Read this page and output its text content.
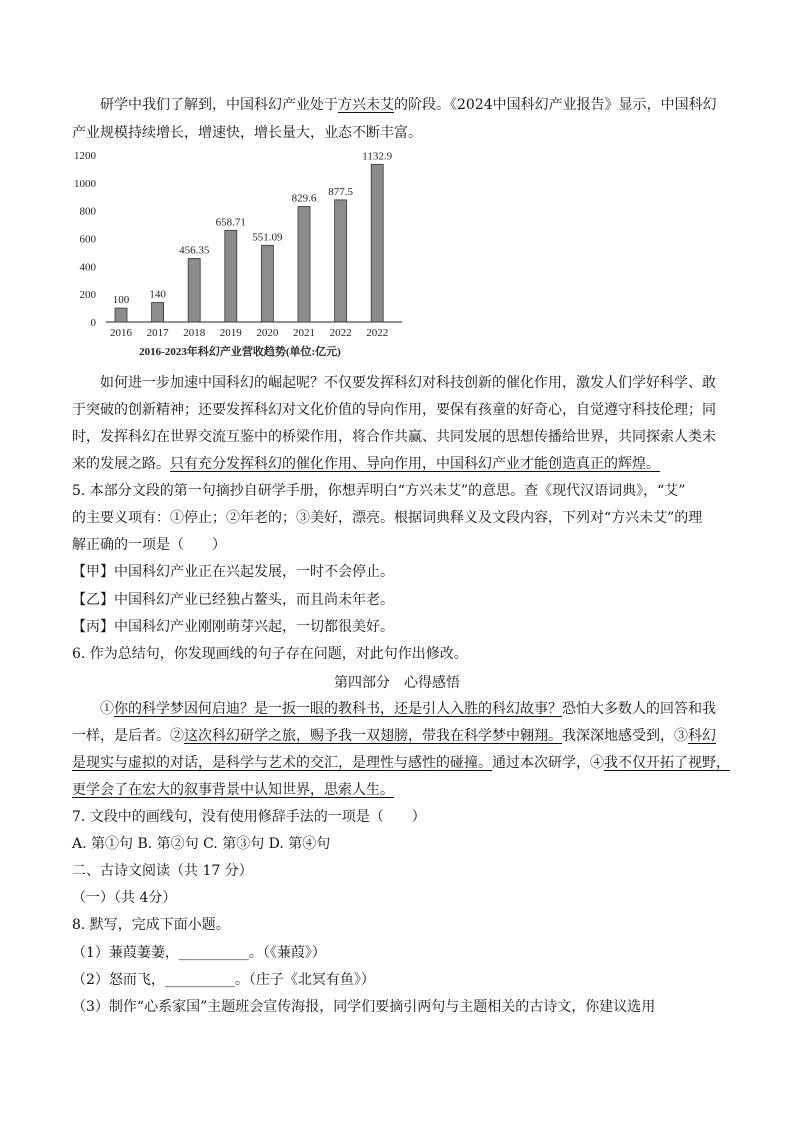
研学中我们了解到，中国科幻产业处于方兴未艾的阶段。《2024中国科幻产业报告》显示，中国科幻
产业规模持续增长，增速快，增长量大，业态不断丰富。
0
200
400
600
800
1000
1200
100 140
456.35
658.71
551.09
829.6
877.5
1132.9
2016 2017 2018 2019 2020 2021 2022 2022
2016-2023年科幻产业营收趋势(单位:亿元)
如何进一步加速中国科幻的崛起呢？不仅要发挥科幻对科技创新的催化作用，激发人们学好科学、敢
于突破的创新精神；还要发挥科幻对文化价值的导向作用，要保有孩童的好奇心，自觉遵守科技伦理；同
时，发挥科幻在世界交流互鉴中的桥梁作用，将合作共赢、共同发展的思想传播给世界，共同探索人类未
来的发展之路。只有充分发挥科幻的催化作用、导向作用，中国科幻产业才能创造真正的辉煌。
5. 本部分文段的第一句摘抄自研学手册，你想弄明白“方兴未艾”的意思。查《现代汉语词典》，“艾”
的主要义项有：①停止；②年老的；③美好，漂亮。根据词典释义及文段内容，下列对“方兴未艾”的理
解正确的一项是（　　）
【甲】中国科幻产业正在兴起发展，一时不会停止。
【乙】中国科幻产业已经独占鳌头，而且尚未年老。
【丙】中国科幻产业刚刚萌芽兴起，一切都很美好。
6. 作为总结句，你发现画线的句子存在问题，对此句作出修改。
第四部分　心得感悟
①你的科学梦因何启迪？是一扳一眼的教科书，还是引人入胜的科幻故事？恐怕大多数人的回答和我
一样，是后者。②这次科幻研学之旅，赐予我一双翅膀，带我在科学梦中翱翔。我深深地感受到，③科幻
是现实与虚拟的对话，是科学与艺术的交汇，是理性与感性的碰撞。通过本次研学，④我不仅开拓了视野，
更学会了在宏大的叙事背景中认知世界，思索人生。
7. 文段中的画线句，没有使用修辞手法的一项是（　　）
A. 第①句 B. 第②句 C. 第③句 D. 第④句
二、古诗文阅读（共 17 分）
（一）（共 4分）
8. 默写，完成下面小题。
（1）蒹葭萋萋，__________。（《蒹葭》）
（2）怒而飞，__________。（庄子《北冥有鱼》）
（3）制作“心系家国”主题班会宣传海报，同学们要摘引两句与主题相关的古诗文，你建议选用
